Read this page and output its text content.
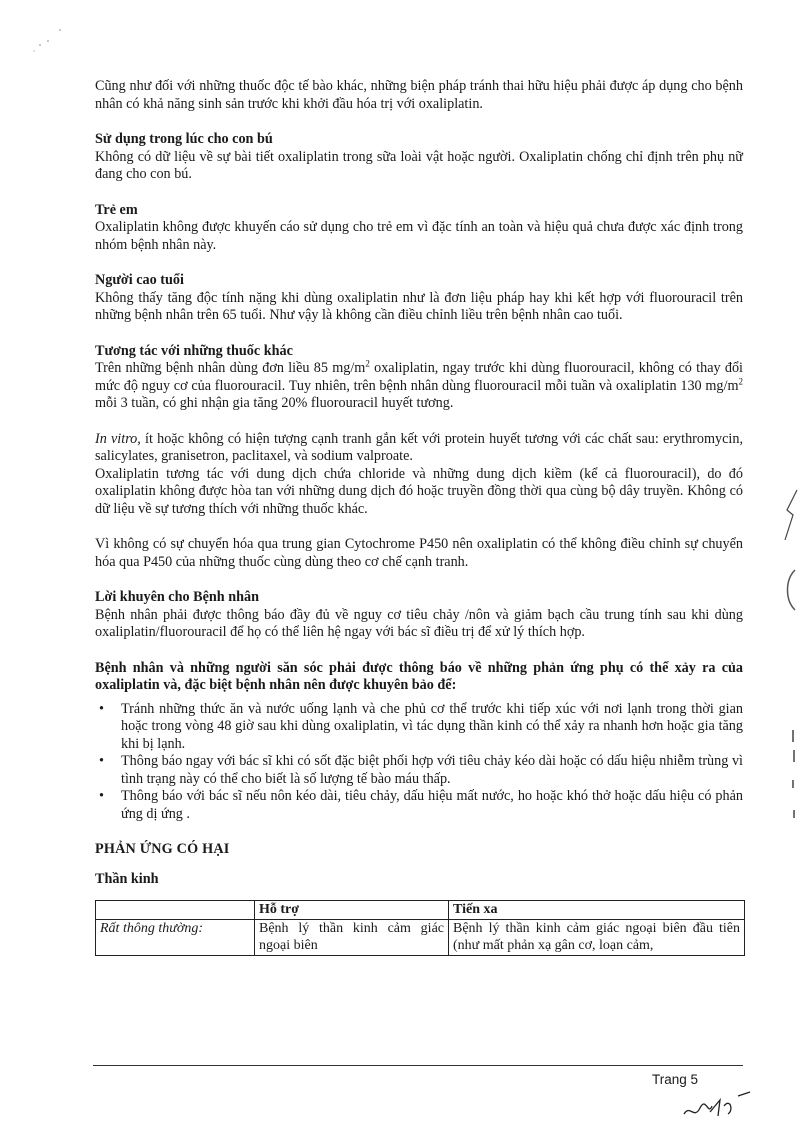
Cũng như đối với những thuốc độc tế bào khác, những biện pháp tránh thai hữu hiệu phải được áp dụng cho bệnh nhân có khả năng sinh sản trước khi khởi đầu hóa trị với oxaliplatin.

Sử dụng trong lúc cho con bú

Không có dữ liệu về sự bài tiết oxaliplatin trong sữa loài vật hoặc người. Oxaliplatin chống chỉ định trên phụ nữ đang cho con bú.

Trẻ em

Oxaliplatin không được khuyến cáo sử dụng cho trẻ em vì đặc tính an toàn và hiệu quả chưa được xác định trong nhóm bệnh nhân này.

Người cao tuổi

Không thấy tăng độc tính nặng khi dùng oxaliplatin như là đơn liệu pháp hay khi kết hợp với fluorouracil trên những bệnh nhân trên 65 tuổi. Như vậy là không cần điều chỉnh liều trên bệnh nhân cao tuổi.

Tương tác với những thuốc khác

Trên những bệnh nhân dùng đơn liều 85 $mg/m^2$ oxaliplatin, ngay trước khi dùng fluorouracil, không có thay đổi mức độ nguy cơ của fluorouracil. Tuy nhiên, trên bệnh nhân dùng fluorouracil mỗi tuần và oxaliplatin 130 $mg/m^2$ mỗi 3 tuần, có ghi nhận gia tăng 20% fluorouracil huyết tương.

In vitro, ít hoặc không có hiện tượng cạnh tranh gắn kết với protein huyết tương với các chất sau: erythromycin, salicylates, granisetron, paclitaxel, và sodium valproate.

Oxaliplatin tương tác với dung dịch chứa chloride và những dung dịch kiềm (kể cả fluorouracil), do đó oxaliplatin không được hòa tan với những dung dịch đó hoặc truyền đồng thời qua cùng bộ dây truyền. Không có dữ liệu về sự tương thích với những thuốc khác.

Vì không có sự chuyển hóa qua trung gian Cytochrome P450 nên oxaliplatin có thể không điều chỉnh sự chuyển hóa qua P450 của những thuốc cùng dùng theo cơ chế cạnh tranh.

Lời khuyên cho Bệnh nhân

Bệnh nhân phải được thông báo đầy đủ về nguy cơ tiêu chảy /nôn và giảm bạch cầu trung tính sau khi dùng oxaliplatin/fluorouracil để họ có thể liên hệ ngay với bác sĩ điều trị để xử lý thích hợp.

Bệnh nhân và những người săn sóc phải được thông báo về những phản ứng phụ có thể xảy ra của oxaliplatin và, đặc biệt bệnh nhân nên được khuyên bảo để:

• Tránh những thức ăn và nước uống lạnh và che phủ cơ thể trước khi tiếp xúc với nơi lạnh trong thời gian hoặc trong vòng 48 giờ sau khi dùng oxaliplatin, vì tác dụng thần kinh có thể xảy ra nhanh hơn hoặc gia tăng khi bị lạnh.
• Thông báo ngay với bác sĩ khi có sốt đặc biệt phối hợp với tiêu chảy kéo dài hoặc có dấu hiệu nhiễm trùng vì tình trạng này có thể cho biết là số lượng tế bào máu thấp.
• Thông báo với bác sĩ nếu nôn kéo dài, tiêu chảy, dấu hiệu mất nước, ho hoặc khó thở hoặc dấu hiệu có phản ứng dị ứng .

PHẢN ỨNG CÓ HẠI

Thần kinh

	Hỗ trợ	Tiến xa
Rất thông thường:	Bệnh lý thần kinh cảm giác ngoại biên	Bệnh lý thần kinh cảm giác ngoại biên đầu tiên (như mất phản xạ gân cơ, loạn cảm,
Trang 5
